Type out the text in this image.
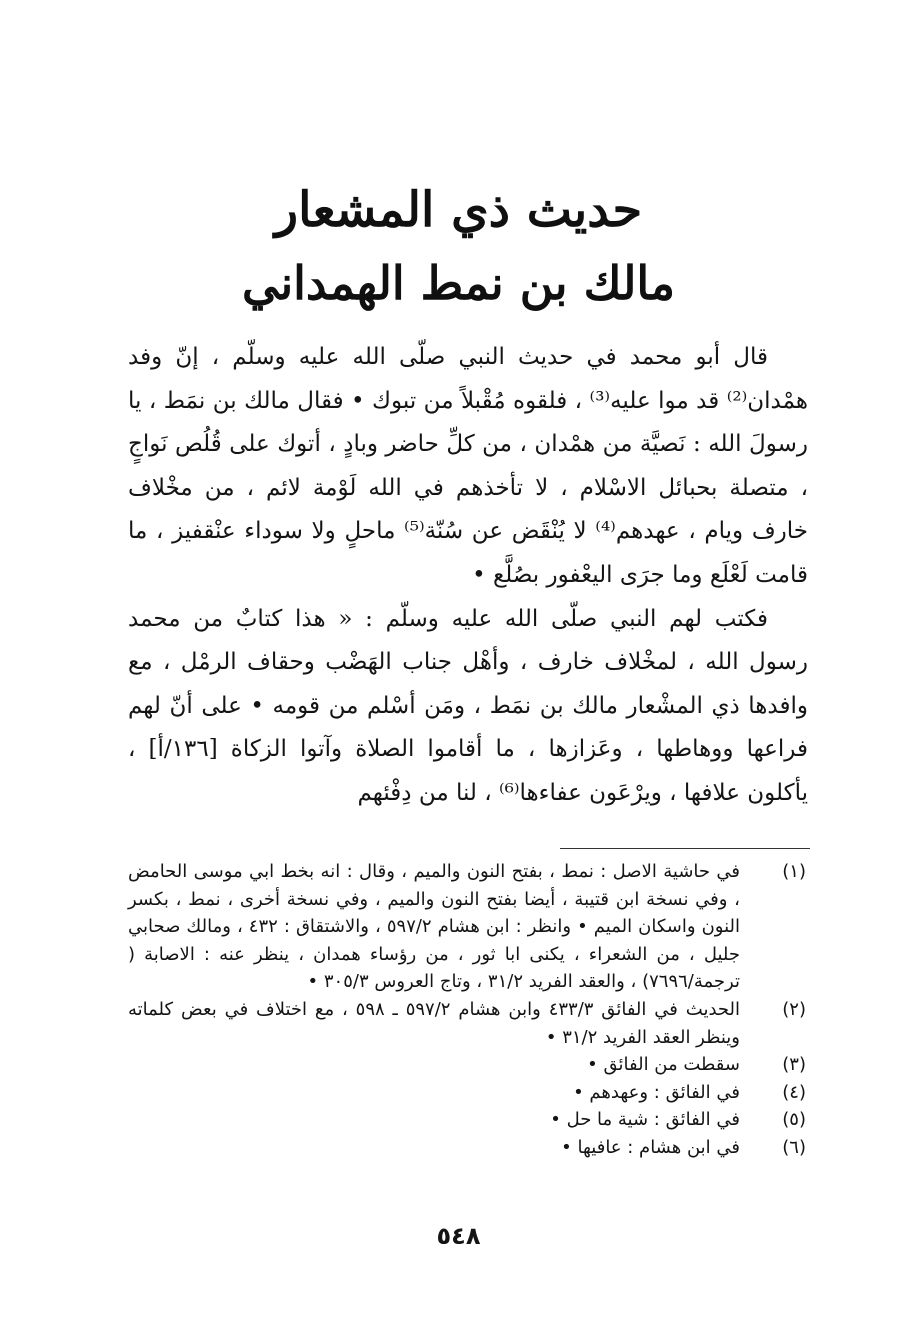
حديث ذي المشعار
مالك بن نمط الهمداني

قال أبو محمد في حديث النبي صلّى الله عليه وسلّم ، إنّ وفد همْدان⁽²⁾ قد موا عليه⁽³⁾ ، فلقوه مُقْبلاً من تبوك • فقال مالك بن نمَط ، يا رسولَ الله : نَصيَّة من همْدان ، من كلِّ حاضر وبادٍ ، أتوك على قُلُص نَواجٍ ، متصلة بحبائل الاسْلام ، لا تأخذهم في الله لَوْمة لائم ، من مخْلاف خارف ويام ، عهدهم⁽⁴⁾ لا يُنْقَض عن سُنّة⁽⁵⁾ ماحلٍ ولا سوداء عنْقفيز ، ما قامت لَعْلَع وما جرَى اليعْفور بصُلَّع •

فكتب لهم النبي صلّى الله عليه وسلّم : « هذا كتابٌ من محمد رسول الله ، لمخْلاف خارف ، وأهْل جناب الهَضْب وحقاف الرمْل ، مع وافدها ذي المشْعار مالك بن نمَط ، ومَن أسْلم من قومه • على أنّ لهم فراعها ووهاطها ، وعَزازها ، ما أقاموا الصلاة وآتوا الزكاة [١٣٦/أ] ، يأكلون علافها ، ويرْعَون عفاءها⁽⁶⁾ ، لنا من دِفْئهم

(١)
في حاشية الاصل : نمط ، بفتح النون والميم ، وقال : انه بخط ابي موسى الحامض ، وفي نسخة ابن قتيبة ، أيضا بفتح النون والميم ، وفي نسخة أخرى ، نمط ، بكسر النون واسكان الميم • وانظر : ابن هشام ٥٩٧/٢ ، والاشتقاق : ٤٣٢ ، ومالك صحابي جليل ، من الشعراء ، يكنى ابا ثور ، من رؤساء همدان ، ينظر عنه : الاصابة ( ترجمة/٧٦٩٦) ، والعقد الفريد ٣١/٢ ، وتاج العروس ٣٠٥/٣ •
(٢)
الحديث في الفائق ٤٣٣/٣ وابن هشام ٥٩٧/٢ ـ ٥٩٨ ، مع اختلاف في بعض كلماته وينظر العقد الفريد ٣١/٢ •
(٣)
سقطت من الفائق •
(٤)
في الفائق : وعهدهم •
(٥)
في الفائق : شية ما حل •
(٦)
في ابن هشام : عافيها •
٥٤٨
